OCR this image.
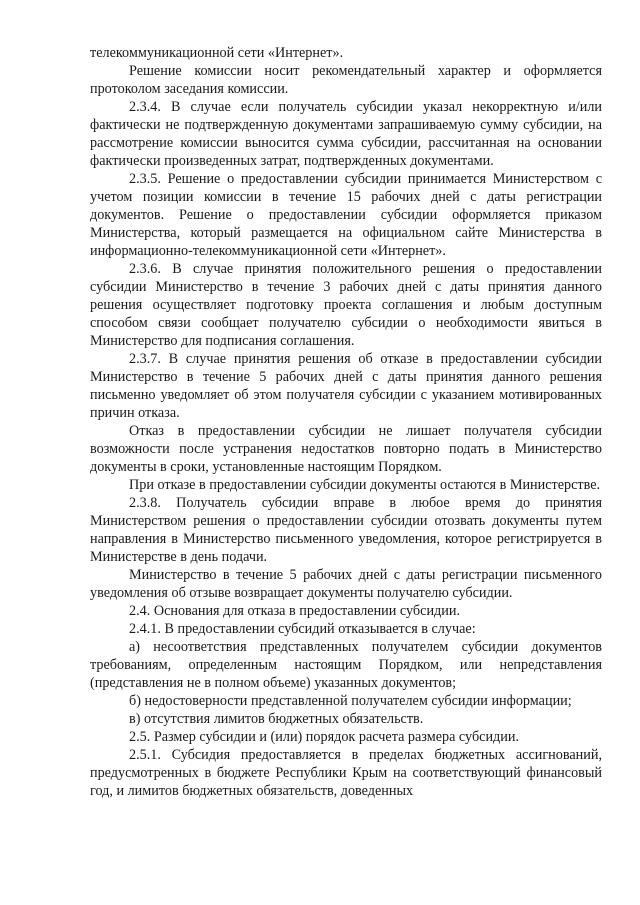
телекоммуникационной сети «Интернет».

Решение комиссии носит рекомендательный характер и оформляется протоколом заседания комиссии.

2.3.4. В случае если получатель субсидии указал некорректную и/или фактически не подтвержденную документами запрашиваемую сумму субсидии, на рассмотрение комиссии выносится сумма субсидии, рассчитанная на основании фактически произведенных затрат, подтвержденных документами.

2.3.5. Решение о предоставлении субсидии принимается Министерством с учетом позиции комиссии в течение 15 рабочих дней с даты регистрации документов. Решение о предоставлении субсидии оформляется приказом Министерства, который размещается на официальном сайте Министерства в информационно-телекоммуникационной сети «Интернет».

2.3.6. В случае принятия положительного решения о предоставлении субсидии Министерство в течение 3 рабочих дней с даты принятия данного решения осуществляет подготовку проекта соглашения и любым доступным способом связи сообщает получателю субсидии о необходимости явиться в Министерство для подписания соглашения.

2.3.7. В случае принятия решения об отказе в предоставлении субсидии Министерство в течение 5 рабочих дней с даты принятия данного решения письменно уведомляет об этом получателя субсидии с указанием мотивированных причин отказа.

Отказ в предоставлении субсидии не лишает получателя субсидии возможности после устранения недостатков повторно подать в Министерство документы в сроки, установленные настоящим Порядком.

При отказе в предоставлении субсидии документы остаются в Министерстве.

2.3.8. Получатель субсидии вправе в любое время до принятия Министерством решения о предоставлении субсидии отозвать документы путем направления в Министерство письменного уведомления, которое регистрируется в Министерстве в день подачи.

Министерство в течение 5 рабочих дней с даты регистрации письменного уведомления об отзыве возвращает документы получателю субсидии.

2.4. Основания для отказа в предоставлении субсидии.

2.4.1. В предоставлении субсидий отказывается в случае:

а) несоответствия представленных получателем субсидии документов требованиям, определенным настоящим Порядком, или непредставления (представления не в полном объеме) указанных документов;

б) недостоверности представленной получателем субсидии информации;

в) отсутствия лимитов бюджетных обязательств.

2.5. Размер субсидии и (или) порядок расчета размера субсидии.

2.5.1. Субсидия предоставляется в пределах бюджетных ассигнований, предусмотренных в бюджете Республики Крым на соответствующий финансовый год, и лимитов бюджетных обязательств, доведенных
